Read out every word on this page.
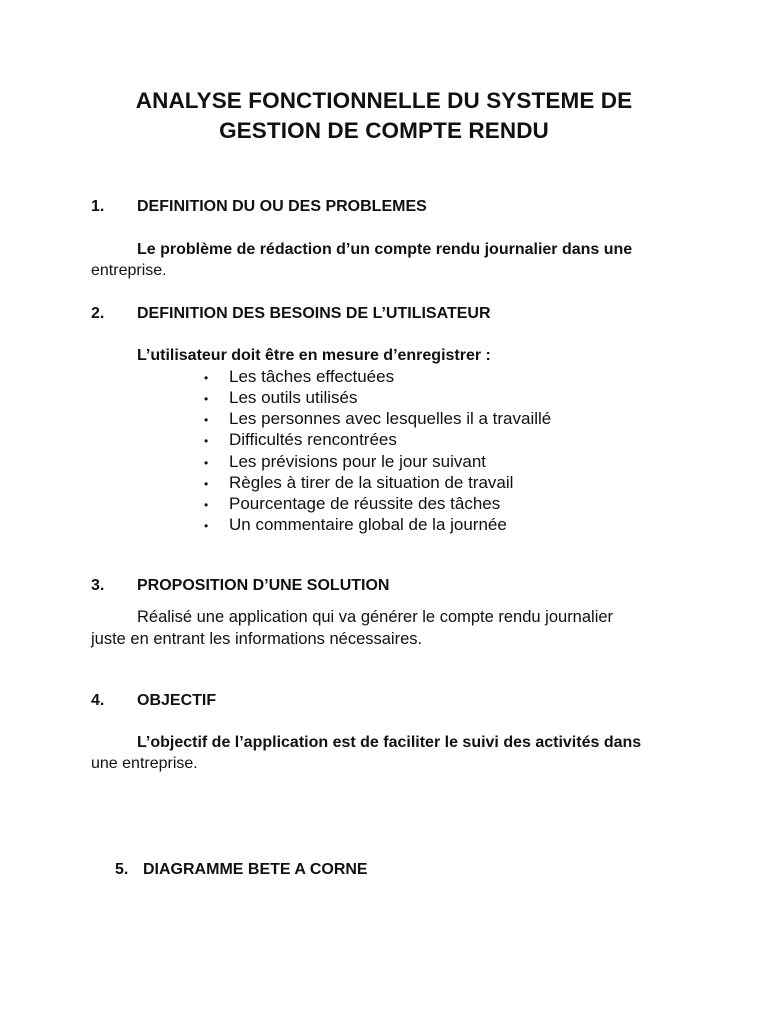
ANALYSE FONCTIONNELLE DU SYSTEME DE
GESTION DE COMPTE RENDU
1. DEFINITION DU OU DES PROBLEMES
Le problème de rédaction d’un compte rendu journalier dans une
entreprise.
2. DEFINITION DES BESOINS DE L’UTILISATEUR
L’utilisateur doit être en mesure d’enregistrer :
• Les tâches effectuées
• Les outils utilisés
• Les personnes avec lesquelles il a travaillé
• Difficultés rencontrées
• Les prévisions pour le jour suivant
• Règles à tirer de la situation de travail
• Pourcentage de réussite des tâches
• Un commentaire global de la journée
3. PROPOSITION D’UNE SOLUTION
Réalisé une application qui va générer le compte rendu journalier
juste en entrant les informations nécessaires.
4. OBJECTIF
L’objectif de l’application est de faciliter le suivi des activités dans
une entreprise.
5. DIAGRAMME BETE A CORNE
